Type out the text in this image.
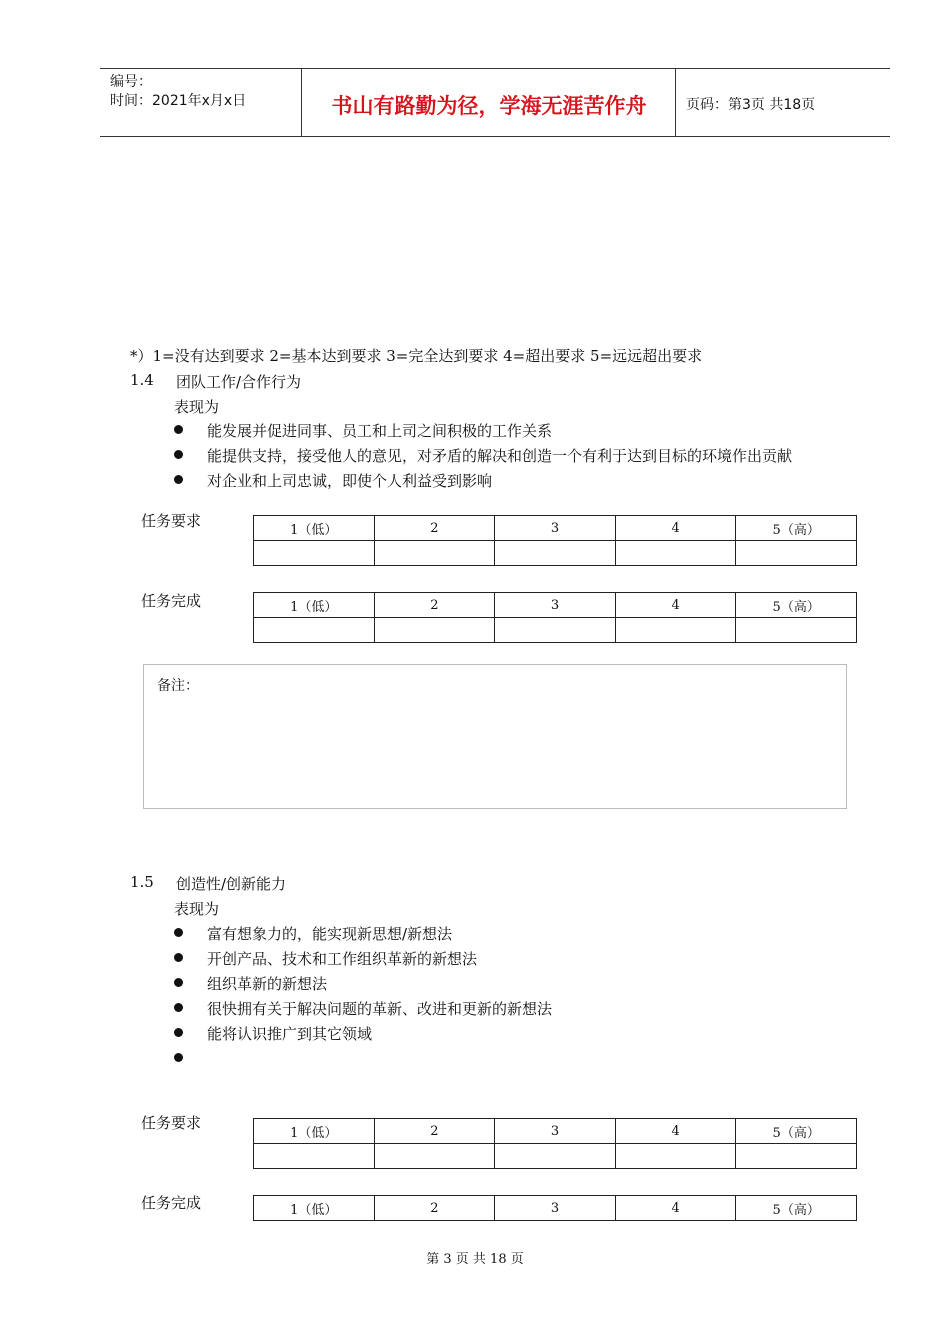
编号：
时间：2021年x月x日	书山有路勤为径，学海无涯苦作舟	页码：第3页 共18页
*）1=没有达到要求 2=基本达到要求 3=完全达到要求 4=超出要求 5=远远超出要求
1.4 团队工作/合作行为
表现为
能发展并促进同事、员工和上司之间积极的工作关系
能提供支持，接受他人的意见，对矛盾的解决和创造一个有利于达到目标的环境作出贡献
对企业和上司忠诚，即使个人利益受到影响
任务要求	1（低）	2	3	4	5（高）

任务完成	1（低）	2	3	4	5（高）

备注：
1.5 创造性/创新能力
表现为
富有想象力的，能实现新思想/新想法
开创产品、技术和工作组织革新的新想法
组织革新的新想法
很快拥有关于解决问题的革新、改进和更新的新想法
能将认识推广到其它领域
任务要求
1（低）	2	3	4	5（高）

任务完成	1（低）	2	3	4	5（高）
第 3 页 共 18 页
